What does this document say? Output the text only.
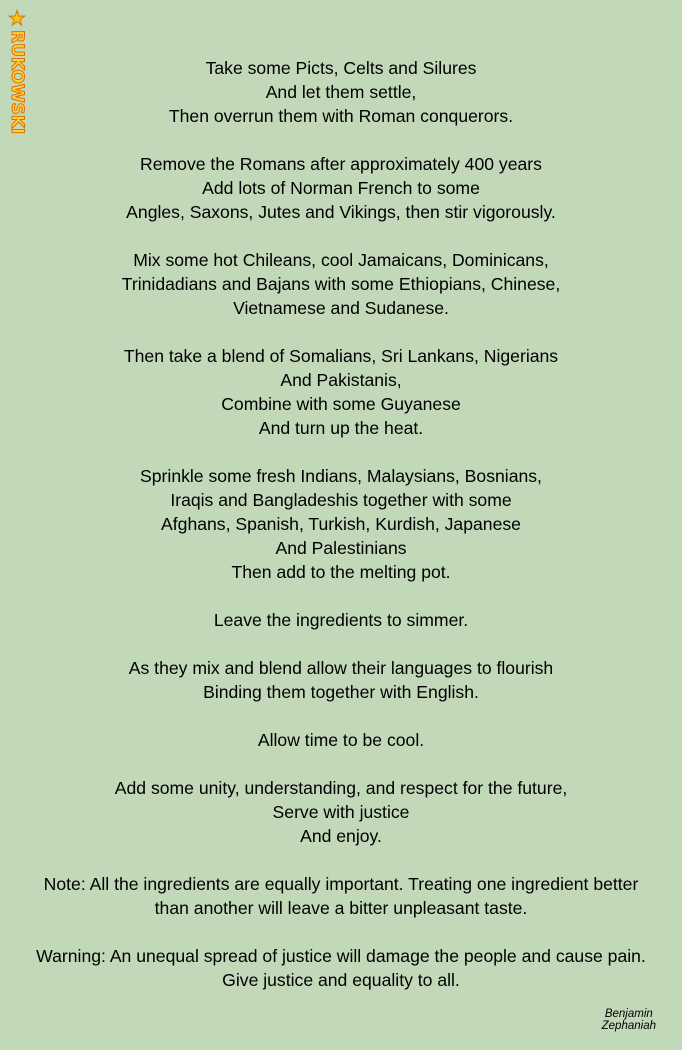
★
RUKOWSKI	Take some Picts, Celts and Silures
And let them settle,
Then overrun them with Roman conquerors.
Remove the Romans after approximately 400 years
Add lots of Norman French to some
Angles, Saxons, Jutes and Vikings, then stir vigorously.
Mix some hot Chileans, cool Jamaicans, Dominicans,
Trinidadians and Bajans with some Ethiopians, Chinese,
Vietnamese and Sudanese.
Then take a blend of Somalians, Sri Lankans, Nigerians
And Pakistanis,
Combine with some Guyanese
And turn up the heat.
Sprinkle some fresh Indians, Malaysians, Bosnians,
Iraqis and Bangladeshis together with some
Afghans, Spanish, Turkish, Kurdish, Japanese
And Palestinians
Then add to the melting pot.
Leave the ingredients to simmer.
As they mix and blend allow their languages to flourish
Binding them together with English.
Allow time to be cool.
Add some unity, understanding, and respect for the future,
Serve with justice
And enjoy.
Note: All the ingredients are equally important. Treating one ingredient better
than another will leave a bitter unpleasant taste.
Warning: An unequal spread of justice will damage the people and cause pain.
Give justice and equality to all.
Benjamin
Zephaniah
